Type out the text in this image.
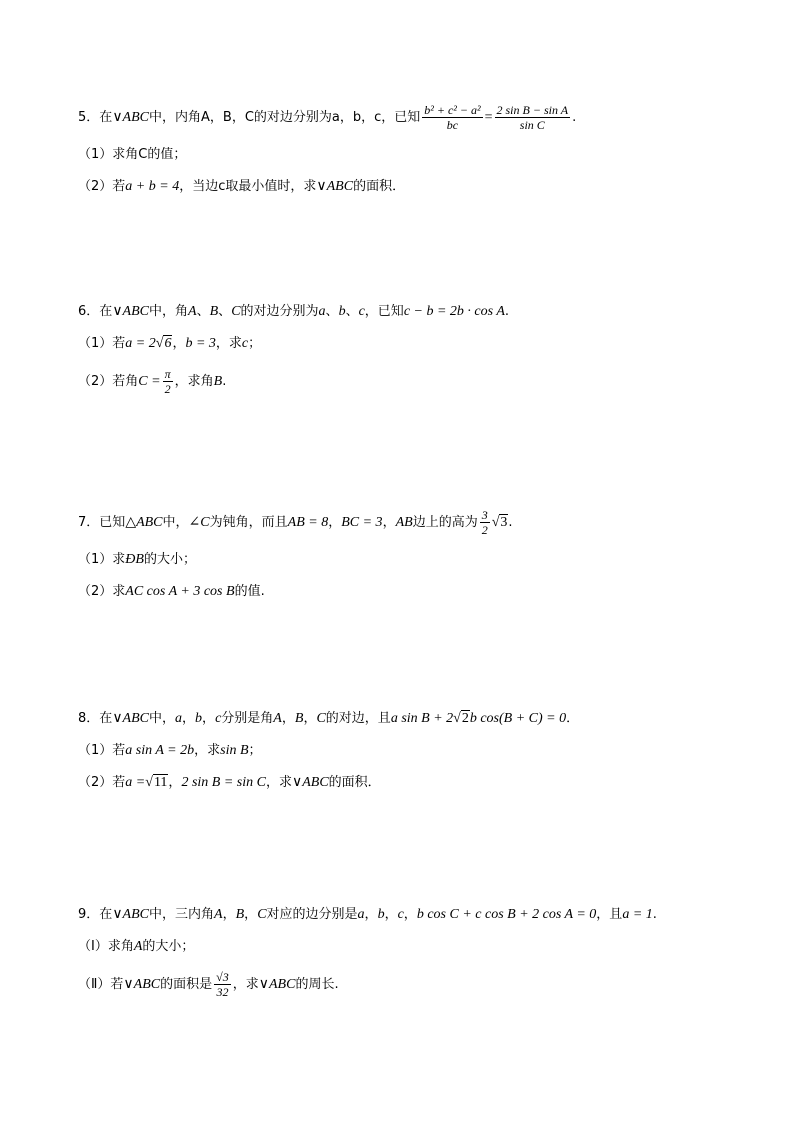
5．在∨ABC中，内角A，B，C的对边分别为a，b，c，已知 $\frac{\text{b² + c² − a²}}{bc} = \frac{\text{2 sin B − sin A}}{\text{sin C}}$ .
（1）求角C的值；
（2）若a + b = 4，当边c取最小值时，求∨ABC的面积．
6．在∨ABC中，角A、B、C的对边分别为a、b、c，已知c − b = 2b · cos A.
（1）若a = 2√6，b = 3，求c；
（2）若角$C = \frac{\pi}{2}$ ，求角B.
7．已知△ABC中，∠C为钝角，而且AB = 8，BC = 3，AB边上的高为 $\frac{3}{2} √3$.
（1）求ÐB的大小；
（2）求AC cos A + 3 cos B的值.
8．在∨ABC中，a，b，c分别是角A，B，C的对边，且a sin B + 2√2b cos(B + C) = 0．
（1）若a sin A = 2b，求sin B；
（2）若a =√11，2 sin B = sin C，求∨ABC的面积．
9．在∨ABC中，三内角A，B，C对应的边分别是a，b，c，b cos C + c cos B + 2 cos A = 0，且a = 1.
（Ⅰ）求角A的大小；
（Ⅱ）若∨ABC的面积是 $\frac{√3}{32}$ ，求∨ABC的周长.
